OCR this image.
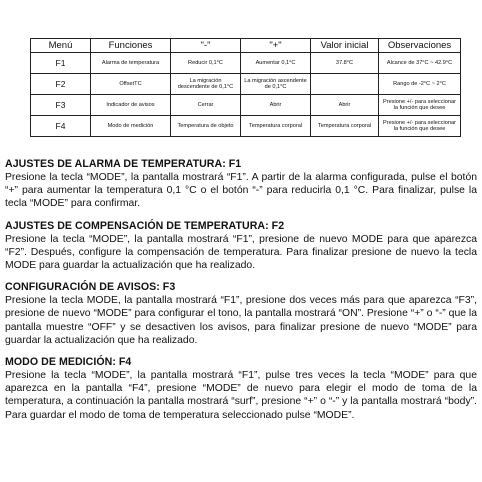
Menú	Funciones	"-"	"+"	Valor inicial	Observaciones
F1	Alarma de temperatura	Reducir 0,1°C	Aumentar 0,1°C	37.8°C	Alcance de 37°C ~ 42.9°C
F2	OffsetTC	La migración descendente de 0,1°C	La migración ascendente de 0,1°C		Rango de -2°C ~ 2°C
F3	Indicador de avisos	Cerrar	Abrir	Abrir	Presione +/- para seleccionar la función que desee
F4	Modo de medición	Temperatura de objeto	Temperatura corporal	Temperatura corporal	Presione +/- para seleccionar la función que desee
AJUSTES DE ALARMA DE TEMPERATURA: F1

Presione la tecla “MODE”, la pantalla mostrará “F1”. A partir de la alarma configurada, pulse el botón “+” para aumentar la temperatura 0,1 °C o el botón “-” para reducirla 0,1 °C. Para finalizar, pulse la tecla “MODE” para confirmar.

AJUSTES DE COMPENSACIÓN DE TEMPERATURA: F2

Presione la tecla “MODE”, la pantalla mostrará “F1”, presione de nuevo MODE para que aparezca “F2”. Después, configure la compensación de temperatura. Para finalizar presione de nuevo la tecla MODE para guardar la actualización que ha realizado.

CONFIGURACIÓN DE AVISOS: F3

Presione la tecla MODE, la pantalla mostrará “F1”, presione dos veces más para que aparezca “F3”, presione de nuevo “MODE” para configurar el tono, la pantalla mostrará “ON”. Presione “+” o “-” que la pantalla muestre “OFF” y se desactiven los avisos, para finalizar presione de nuevo “MODE” para guardar la actualización que ha realizado.

MODO DE MEDICIÓN: F4

Presione la tecla “MODE”, la pantalla mostrará “F1”, pulse tres veces la tecla “MODE” para que aparezca en la pantalla “F4”, presione “MODE” de nuevo para elegir el modo de toma de la temperatura, a continuación la pantalla mostrará “surf”, presione “+” o “-” y la pantalla mostrará “body”. Para guardar el modo de toma de temperatura seleccionado pulse “MODE”.
